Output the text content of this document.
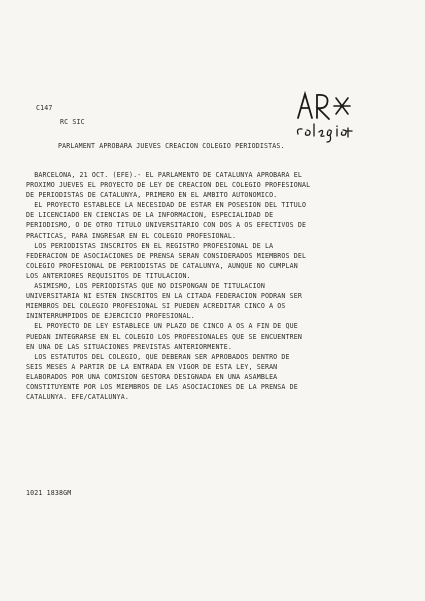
C147
RC SIC
PARLAMENT APROBARA JUEVES CREACION COLEGIO PERIODISTAS.
BARCELONA, 21 OCT. (EFE).- EL PARLAMENTO DE CATALUNYA APROBARA EL
PROXIMO JUEVES EL PROYECTO DE LEY DE CREACION DEL COLEGIO PROFESIONAL
DE PERIODISTAS DE CATALUNYA, PRIMERO EN EL AMBITO AUTONOMICO.
EL PROYECTO ESTABLECE LA NECESIDAD DE ESTAR EN POSESION DEL TITULO
DE LICENCIADO EN CIENCIAS DE LA INFORMACION, ESPECIALIDAD DE
PERIODISMO, O DE OTRO TITULO UNIVERSITARIO CON DOS A OS EFECTIVOS DE
PRACTICAS, PARA INGRESAR EN EL COLEGIO PROFESIONAL.
LOS PERIODISTAS INSCRITOS EN EL REGISTRO PROFESIONAL DE LA
FEDERACION DE ASOCIACIONES DE PRENSA SERAN CONSIDERADOS MIEMBROS DEL
COLEGIO PROFESIONAL DE PERIODISTAS DE CATALUNYA, AUNQUE NO CUMPLAN
LOS ANTERIORES REQUISITOS DE TITULACION.
ASIMISMO, LOS PERIODISTAS QUE NO DISPONGAN DE TITULACION
UNIVERSITARIA NI ESTEN INSCRITOS EN LA CITADA FEDERACION PODRAN SER
MIEMBROS DEL COLEGIO PROFESIONAL SI PUEDEN ACREDITAR CINCO A OS
ININTERRUMPIDOS DE EJERCICIO PROFESIONAL.
EL PROYECTO DE LEY ESTABLECE UN PLAZO DE CINCO A OS A FIN DE QUE
PUEDAN INTEGRARSE EN EL COLEGIO LOS PROFESIONALES QUE SE ENCUENTREN
EN UNA DE LAS SITUACIONES PREVISTAS ANTERIORMENTE.
LOS ESTATUTOS DEL COLEGIO, QUE DEBERAN SER APROBADOS DENTRO DE
SEIS MESES A PARTIR DE LA ENTRADA EN VIGOR DE ESTA LEY, SERAN
ELABORADOS POR UNA COMISION GESTORA DESIGNADA EN UNA ASAMBLEA
CONSTITUYENTE POR LOS MIEMBROS DE LAS ASOCIACIONES DE LA PRENSA DE
CATALUNYA. EFE/CATALUNYA.
1021 1838GM
